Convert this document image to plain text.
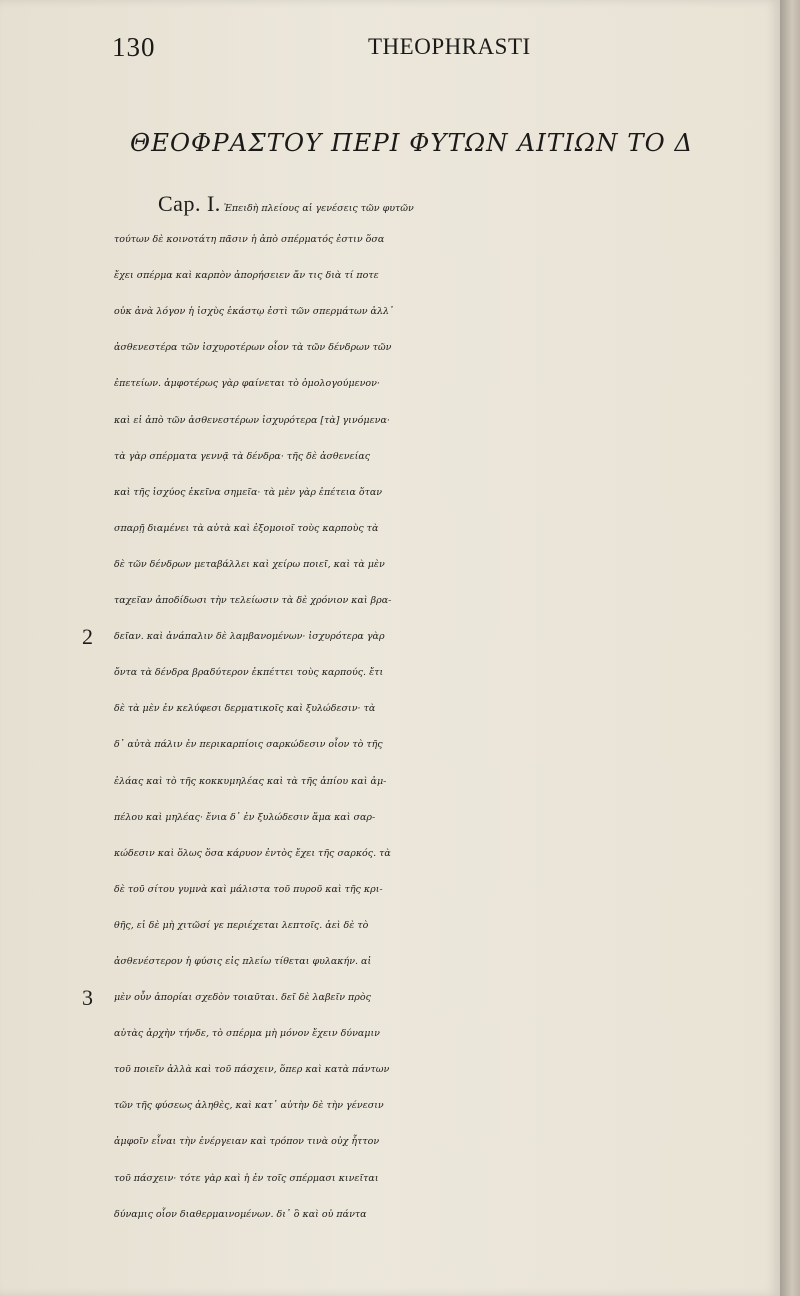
130	THEOPHRASTI
ΘΕΟΦΡΑΣΤΟΥ ΠΕΡΙ ΦΥΤΩΝ ΑΙΤΙΩΝ ΤΟ Δ
Cap. I. Ἐπειδὴ πλείους αἱ γενέσεις τῶν φυτῶν
τούτων δὲ κοινοτάτη πᾶσιν ἡ ἀπὸ σπέρματός ἐστιν ὅσα
ἔχει σπέρμα καὶ καρπὸν ἀπορήσειεν ἄν τις διὰ τί ποτε
οὐκ ἀνὰ λόγον ἡ ἰσχὺς ἑκάστῳ ἐστὶ τῶν σπερμάτων ἀλλ᾽
ἀσθενεστέρα τῶν ἰσχυροτέρων οἷον τὰ τῶν δένδρων τῶν
ἐπετείων. ἀμφοτέρως γὰρ φαίνεται τὸ ὁμολογούμενον·
καὶ εἰ ἀπὸ τῶν ἀσθενεστέρων ἰσχυρότερα [τὰ] γινόμενα·
τὰ γὰρ σπέρματα γεννᾷ τὰ δένδρα· τῆς δὲ ἀσθενείας
καὶ τῆς ἰσχύος ἐκεῖνα σημεῖα· τὰ μὲν γὰρ ἐπέτεια ὅταν
σπαρῇ διαμένει τὰ αὐτὰ καὶ ἐξομοιοῖ τοὺς καρποὺς τὰ
δὲ τῶν δένδρων μεταβάλλει καὶ χείρω ποιεῖ, καὶ τὰ μὲν
ταχεῖαν ἀποδίδωσι τὴν τελείωσιν τὰ δὲ χρόνιον καὶ βρα-
2 δεῖαν. καὶ ἀνάπαλιν δὲ λαμβανομένων· ἰσχυρότερα γὰρ
ὄντα τὰ δένδρα βραδύτερον ἐκπέττει τοὺς καρπούς. ἔτι
δὲ τὰ μὲν ἐν κελύφεσι δερματικοῖς καὶ ξυλώδεσιν· τὰ
δ᾽ αὐτὰ πάλιν ἐν περικαρπίοις σαρκώδεσιν οἷον τὸ τῆς
ἐλάας καὶ τὸ τῆς κοκκυμηλέας καὶ τὰ τῆς ἀπίου καὶ ἀμ-
πέλου καὶ μηλέας· ἔνια δ᾽ ἐν ξυλώδεσιν ἅμα καὶ σαρ-
κώδεσιν καὶ ὅλως ὅσα κάρυον ἐντὸς ἔχει τῆς σαρκός. τὰ
δὲ τοῦ σίτου γυμνὰ καὶ μάλιστα τοῦ πυροῦ καὶ τῆς κρι-
θῆς, εἰ δὲ μὴ χιτῶσί γε περιέχεται λεπτοῖς. ἀεὶ δὲ τὸ
ἀσθενέστερον ἡ φύσις εἰς πλείω τίθεται φυλακήν. αἱ
3 μὲν οὖν ἀπορίαι σχεδὸν τοιαῦται. δεῖ δὲ λαβεῖν πρὸς
αὐτὰς ἀρχὴν τήνδε, τὸ σπέρμα μὴ μόνον ἔχειν δύναμιν
τοῦ ποιεῖν ἀλλὰ καὶ τοῦ πάσχειν, ὅπερ καὶ κατὰ πάντων
τῶν τῆς φύσεως ἀληθὲς, καὶ κατ᾽ αὐτὴν δὲ τὴν γένεσιν
ἀμφοῖν εἶναι τὴν ἐνέργειαν καὶ τρόπον τινὰ οὐχ ἧττον
τοῦ πάσχειν· τότε γὰρ καὶ ἡ ἐν τοῖς σπέρμασι κινεῖται
δύναμις οἷον διαθερμαινομένων. δι᾽ ὃ καὶ οὐ πάντα
